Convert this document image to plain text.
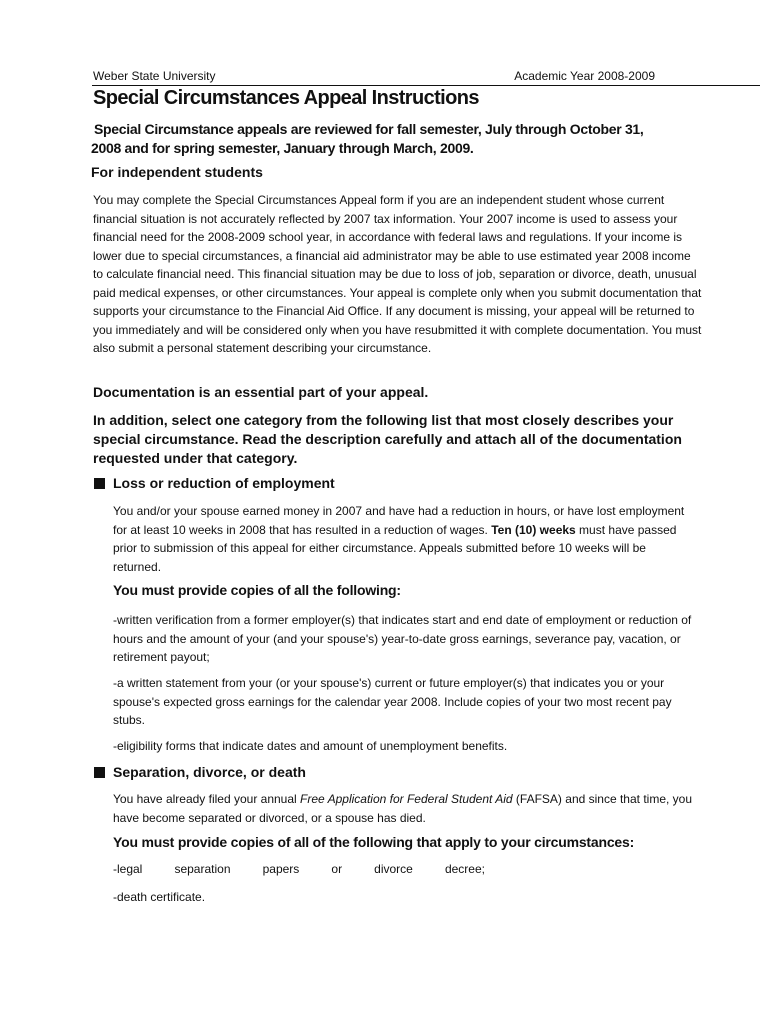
Weber State University	Academic Year 2008-2009
Special Circumstances Appeal Instructions

Special Circumstance appeals are reviewed for fall semester, July through October 31,
2008 and for spring semester, January through March, 2009.

For independent students

You may complete the Special Circumstances Appeal form if you are an independent student whose current financial situation is not accurately reflected by 2007 tax information. Your 2007 income is used to assess your financial need for the 2008-2009 school year, in accordance with federal laws and regulations. If your income is lower due to special circumstances, a financial aid administrator may be able to use estimated year 2008 income to calculate financial need. This financial situation may be due to loss of job, separation or divorce, death, unusual paid medical expenses, or other circumstances. Your appeal is complete only when you submit documentation that supports your circumstance to the Financial Aid Office. If any document is missing, your appeal will be returned to you immediately and will be considered only when you have resubmitted it with complete documentation. You must also submit a personal statement describing your circumstance.

Documentation is an essential part of your appeal.

In addition, select one category from the following list that most closely describes your special circumstance. Read the description carefully and attach all of the documentation requested under that category.

Loss or reduction of employment

You and/or your spouse earned money in 2007 and have had a reduction in hours, or have lost employment for at least 10 weeks in 2008 that has resulted in a reduction of wages. Ten (10) weeks must have passed prior to submission of this appeal for either circumstance. Appeals submitted before 10 weeks will be returned.

You must provide copies of all the following:

-written verification from a former employer(s) that indicates start and end date of employment or reduction of hours and the amount of your (and your spouse's) year-to-date gross earnings, severance pay, vacation, or retirement payout;

-a written statement from your (or your spouse's) current or future employer(s) that indicates you or your spouse's expected gross earnings for the calendar year 2008. Include copies of your two most recent pay stubs.

-eligibility forms that indicate dates and amount of unemployment benefits.

Separation, divorce, or death

You have already filed your annual Free Application for Federal Student Aid (FAFSA) and since that time, you have become separated or divorced, or a spouse has died.

You must provide copies of all of the following that apply to your circumstances:

-legal	separation	papers	or	divorce	decree;

-death certificate.
